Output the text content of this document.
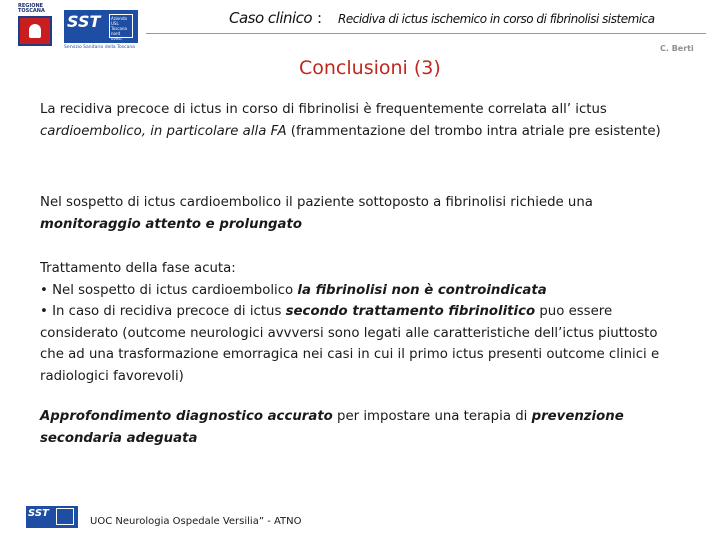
REGIONE
TOSCANA
SST	Azienda USL Toscana nord ovest
Servizio Sanitario della Toscana
Caso clinico : Recidiva di ictus ischemico in corso di fibrinolisi sistemica
C. Berti
Conclusioni (3)
La recidiva precoce di ictus in corso di fibrinolisi è frequentemente correlata all’ ictus cardioembolico, in particolare alla FA (frammentazione del trombo intra atriale pre esistente)
Nel sospetto di ictus cardioembolico il paziente sottoposto a fibrinolisi richiede una monitoraggio attento e prolungato
Trattamento della fase acuta:
• Nel sospetto di ictus cardioembolico la fibrinolisi non è controindicata
• In caso di recidiva precoce di ictus secondo trattamento fibrinolitico puo essere considerato (outcome neurologici avvversi sono legati alle caratteristiche dell’ictus piuttosto che ad una trasformazione emorragica nei casi in cui il primo ictus presenti outcome clinici e radiologici favorevoli)
Approfondimento diagnostico accurato per impostare una terapia di prevenzione secondaria adeguata
SST
UOC Neurologia Ospedale Versilia” - ATNO
